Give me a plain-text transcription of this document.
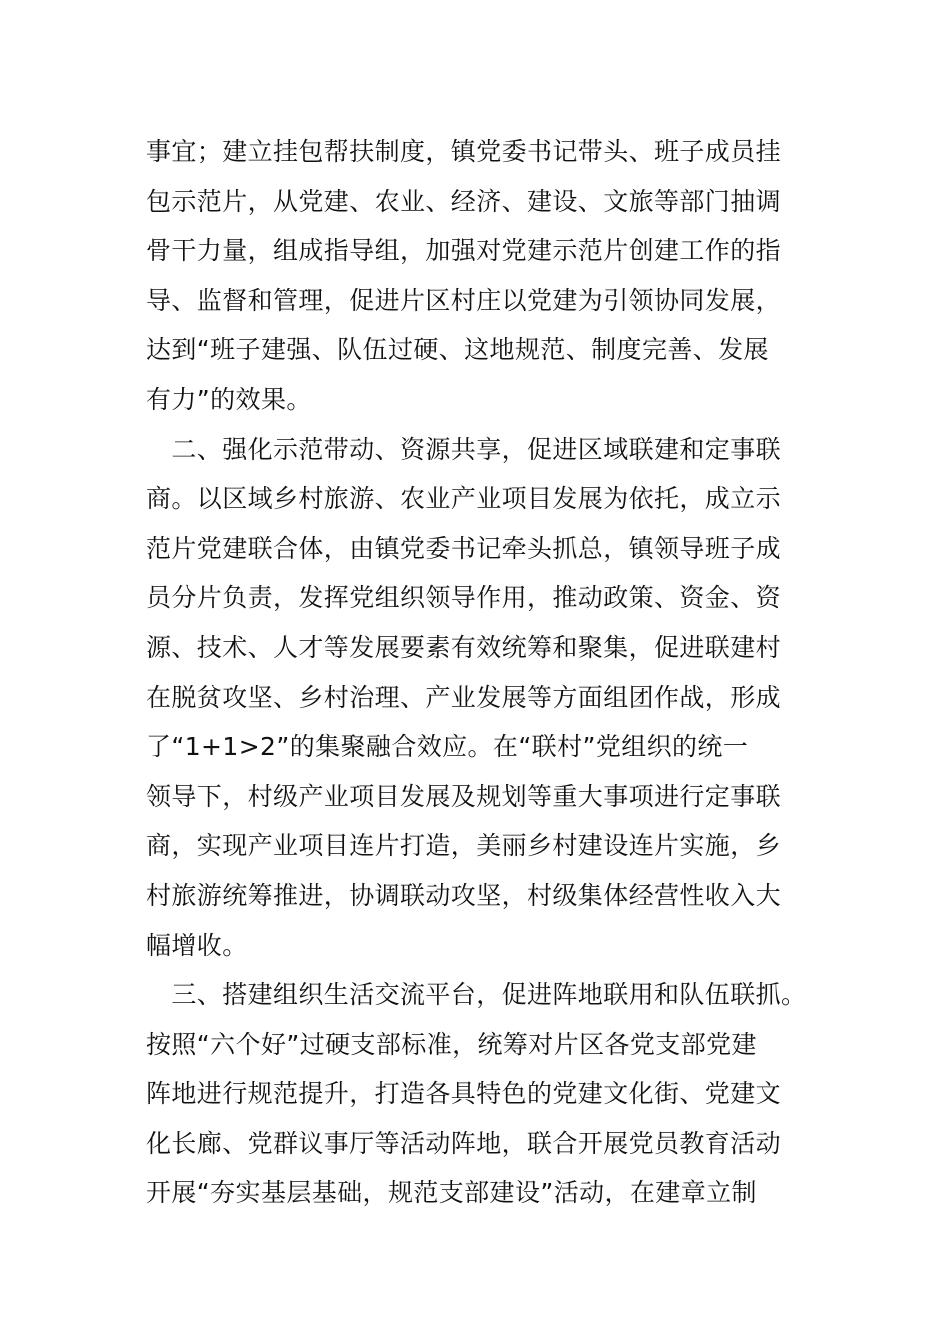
事宜；建立挂包帮扶制度，镇党委书记带头、班子成员挂
包示范片，从党建、农业、经济、建设、文旅等部门抽调
骨干力量，组成指导组，加强对党建示范片创建工作的指
导、监督和管理，促进片区村庄以党建为引领协同发展，
达到“班子建强、队伍过硬、这地规范、制度完善、发展
有力”的效果。
　二、强化示范带动、资源共享，促进区域联建和定事联
商。以区域乡村旅游、农业产业项目发展为依托，成立示
范片党建联合体，由镇党委书记牵头抓总，镇领导班子成
员分片负责，发挥党组织领导作用，推动政策、资金、资
源、技术、人才等发展要素有效统筹和聚集，促进联建村
在脱贫攻坚、乡村治理、产业发展等方面组团作战，形成
了“1+1>2”的集聚融合效应。在“联村”党组织的统一
领导下，村级产业项目发展及规划等重大事项进行定事联
商，实现产业项目连片打造，美丽乡村建设连片实施，乡
村旅游统筹推进，协调联动攻坚，村级集体经营性收入大
幅增收。
　三、搭建组织生活交流平台，促进阵地联用和队伍联抓。
按照“六个好”过硬支部标准，统筹对片区各党支部党建
阵地进行规范提升，打造各具特色的党建文化街、党建文
化长廊、党群议事厅等活动阵地，联合开展党员教育活动
开展“夯实基层基础，规范支部建设”活动，在建章立制
